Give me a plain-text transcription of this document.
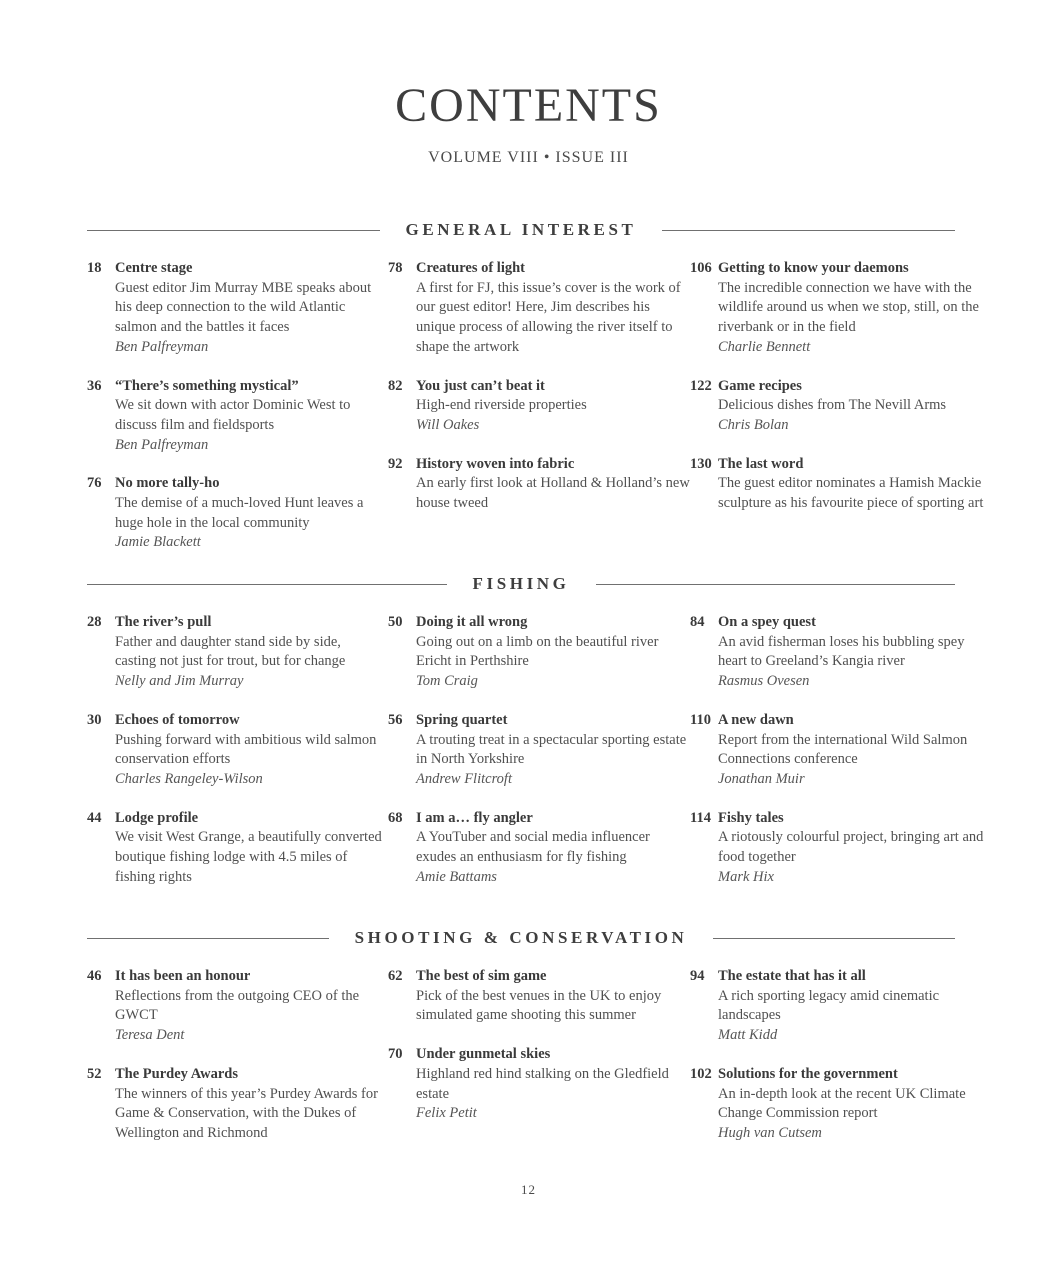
CONTENTS
VOLUME VIII • ISSUE III
GENERAL INTEREST
18 Centre stage
Guest editor Jim Murray MBE speaks about his deep connection to the wild Atlantic salmon and the battles it faces
Ben Palfreyman
36 “There’s something mystical”
We sit down with actor Dominic West to discuss film and fieldsports
Ben Palfreyman
76 No more tally-ho
The demise of a much-loved Hunt leaves a huge hole in the local community
Jamie Blackett
78 Creatures of light
A first for FJ, this issue’s cover is the work of our guest editor! Here, Jim describes his unique process of allowing the river itself to shape the artwork
82 You just can’t beat it
High-end riverside properties
Will Oakes
92 History woven into fabric
An early first look at Holland & Holland’s new house tweed
106 Getting to know your daemons
The incredible connection we have with the wildlife around us when we stop, still, on the riverbank or in the field
Charlie Bennett
122 Game recipes
Delicious dishes from The Nevill Arms
Chris Bolan
130 The last word
The guest editor nominates a Hamish Mackie sculpture as his favourite piece of sporting art
FISHING
28 The river’s pull
Father and daughter stand side by side, casting not just for trout, but for change
Nelly and Jim Murray
30 Echoes of tomorrow
Pushing forward with ambitious wild salmon conservation efforts
Charles Rangeley-Wilson
44 Lodge profile
We visit West Grange, a beautifully converted boutique fishing lodge with 4.5 miles of fishing rights
50 Doing it all wrong
Going out on a limb on the beautiful river Ericht in Perthshire
Tom Craig
56 Spring quartet
A trouting treat in a spectacular sporting estate in North Yorkshire
Andrew Flitcroft
68 I am a… fly angler
A YouTuber and social media influencer exudes an enthusiasm for fly fishing
Amie Battams
84 On a spey quest
An avid fisherman loses his bubbling spey heart to Greeland’s Kangia river
Rasmus Ovesen
110 A new dawn
Report from the international Wild Salmon Connections conference
Jonathan Muir
114 Fishy tales
A riotously colourful project, bringing art and food together
Mark Hix
SHOOTING & CONSERVATION
46 It has been an honour
Reflections from the outgoing CEO of the GWCT
Teresa Dent
52 The Purdey Awards
The winners of this year’s Purdey Awards for Game & Conservation, with the Dukes of Wellington and Richmond
62 The best of sim game
Pick of the best venues in the UK to enjoy simulated game shooting this summer
70 Under gunmetal skies
Highland red hind stalking on the Gledfield estate
Felix Petit
94 The estate that has it all
A rich sporting legacy amid cinematic landscapes
Matt Kidd
102 Solutions for the government
An in-depth look at the recent UK Climate Change Commission report
Hugh van Cutsem
12
